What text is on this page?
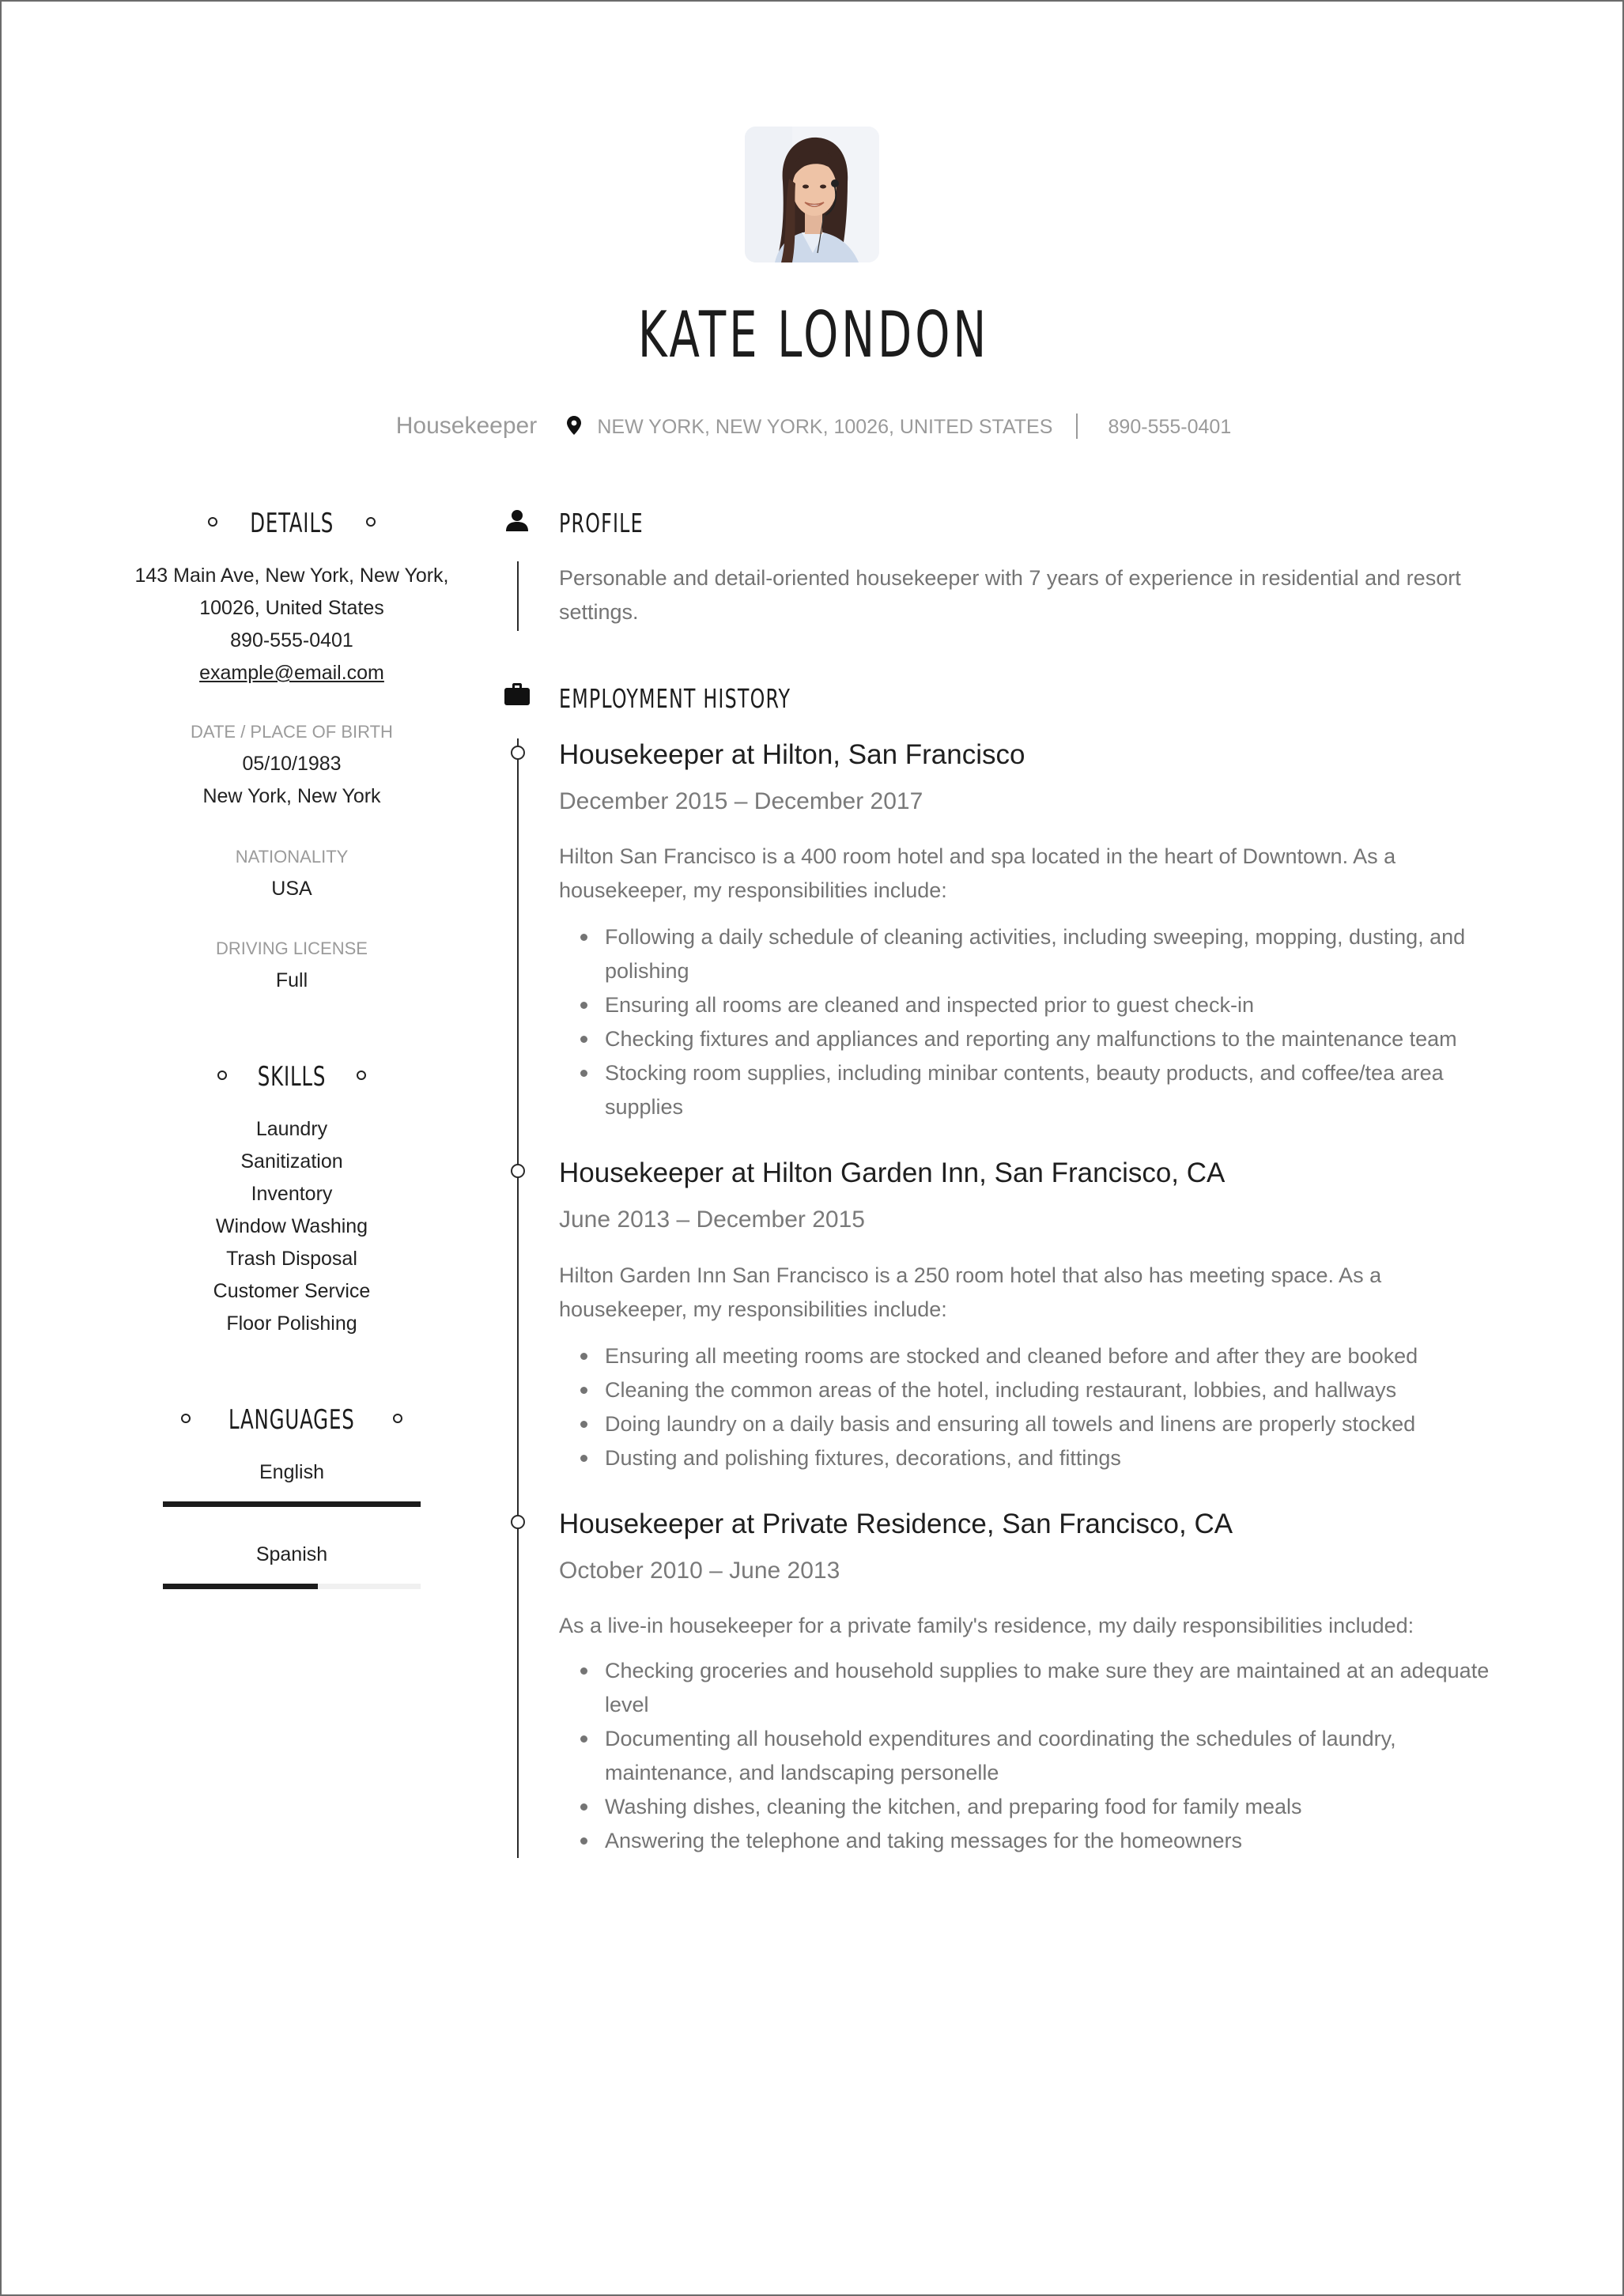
KATE LONDON
Housekeeper	NEW YORK, NEW YORK, 10026, UNITED STATES	890-555-0401
DETAILS
143 Main Ave, New York, New York,
10026, United States
890-555-0401
example@email.com
DATE / PLACE OF BIRTH
05/10/1983
New York, New York
NATIONALITY
USA
DRIVING LICENSE
Full
SKILLS
Laundry
Sanitization
Inventory
Window Washing
Trash Disposal
Customer Service
Floor Polishing
LANGUAGES
English
Spanish
PROFILE
Personable and detail-oriented housekeeper with 7 years of experience in residential and resort settings.
EMPLOYMENT HISTORY
Housekeeper at Hilton, San Francisco
December 2015 – December 2017
Hilton San Francisco is a 400 room hotel and spa located in the heart of Downtown. As a housekeeper, my responsibilities include:
Following a daily schedule of cleaning activities, including sweeping, mopping, dusting, and polishing
Ensuring all rooms are cleaned and inspected prior to guest check-in
Checking fixtures and appliances and reporting any malfunctions to the maintenance team
Stocking room supplies, including minibar contents, beauty products, and coffee/tea area supplies
Housekeeper at Hilton Garden Inn, San Francisco, CA
June 2013 – December 2015
Hilton Garden Inn San Francisco is a 250 room hotel that also has meeting space. As a housekeeper, my responsibilities include:
Ensuring all meeting rooms are stocked and cleaned before and after they are booked
Cleaning the common areas of the hotel, including restaurant, lobbies, and hallways
Doing laundry on a daily basis and ensuring all towels and linens are properly stocked
Dusting and polishing fixtures, decorations, and fittings
Housekeeper at Private Residence, San Francisco, CA
October 2010 – June 2013
As a live-in housekeeper for a private family's residence, my daily responsibilities included:
Checking groceries and household supplies to make sure they are maintained at an adequate level
Documenting all household expenditures and coordinating the schedules of laundry, maintenance, and landscaping personelle
Washing dishes, cleaning the kitchen, and preparing food for family meals
Answering the telephone and taking messages for the homeowners
